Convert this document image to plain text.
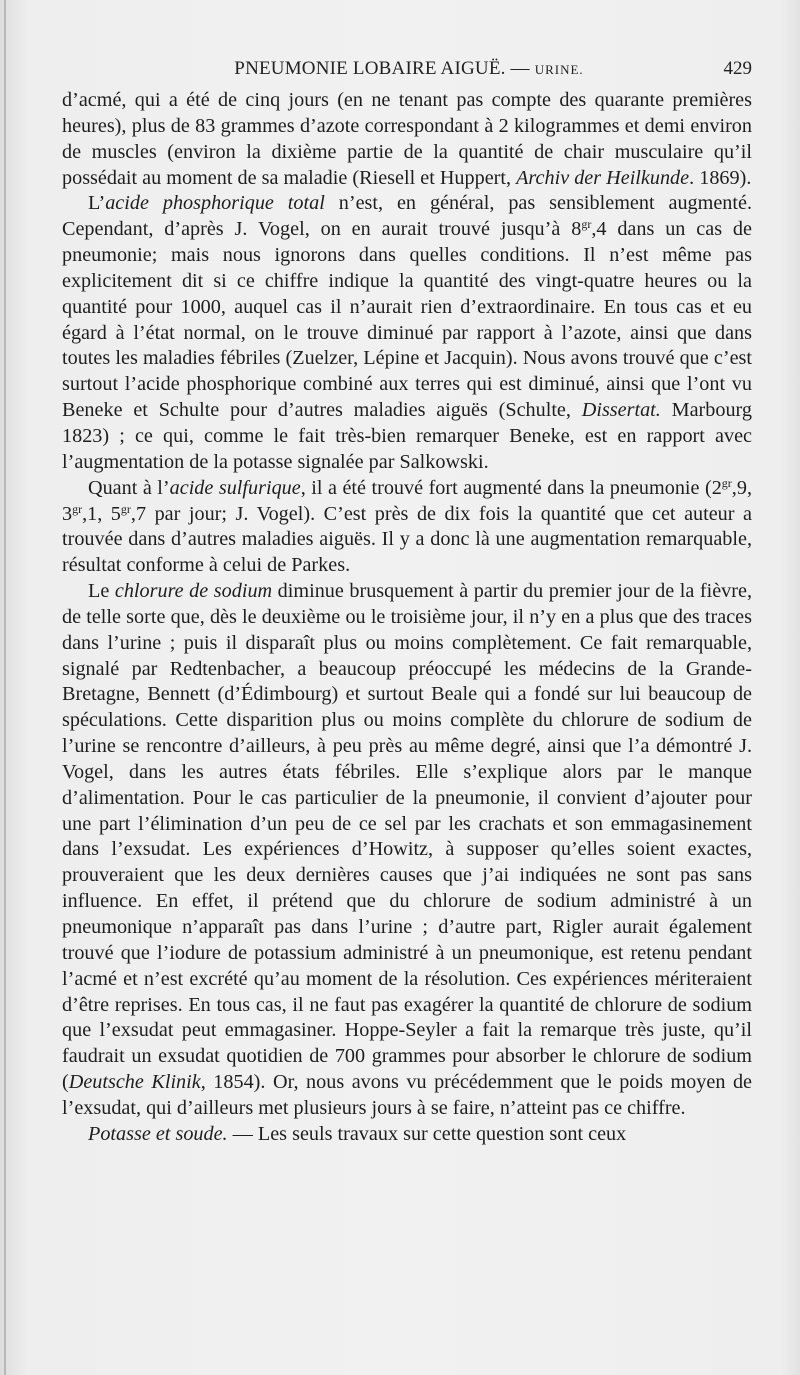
PNEUMONIE LOBAIRE AIGUË. — URINE.	429

d’acmé, qui a été de cinq jours (en ne tenant pas compte des quarante premières heures), plus de 83 grammes d’azote correspondant à 2 kilogrammes et demi environ de muscles (environ la dixième partie de la quantité de chair musculaire qu’il possédait au moment de sa maladie (Riesell et Huppert, Archiv der Heilkunde. 1869).

L’acide phosphorique total n’est, en général, pas sensiblement augmenté. Cependant, d’après J. Vogel, on en aurait trouvé jusqu’à $8^{gr},4$ dans un cas de pneumonie; mais nous ignorons dans quelles conditions. Il n’est même pas explicitement dit si ce chiffre indique la quantité des vingt-quatre heures ou la quantité pour 1000, auquel cas il n’aurait rien d’extraordinaire. En tous cas et eu égard à l’état normal, on le trouve diminué par rapport à l’azote, ainsi que dans toutes les maladies fébriles (Zuelzer, Lépine et Jacquin). Nous avons trouvé que c’est surtout l’acide phosphorique combiné aux terres qui est diminué, ainsi que l’ont vu Beneke et Schulte pour d’autres maladies aiguës (Schulte, Dissertat. Marbourg 1823) ; ce qui, comme le fait très-bien remarquer Beneke, est en rapport avec l’augmentation de la potasse signalée par Salkowski.

Quant à l’acide sulfurique, il a été trouvé fort augmenté dans la pneumonie ($2^{gr},9$, $3^{gr},1$, $5^{gr},7$ par jour; J. Vogel). C’est près de dix fois la quantité que cet auteur a trouvée dans d’autres maladies aiguës. Il y a donc là une augmentation remarquable, résultat conforme à celui de Parkes.

Le chlorure de sodium diminue brusquement à partir du premier jour de la fièvre, de telle sorte que, dès le deuxième ou le troisième jour, il n’y en a plus que des traces dans l’urine ; puis il disparaît plus ou moins complètement. Ce fait remarquable, signalé par Redtenbacher, a beaucoup préoccupé les médecins de la Grande-Bretagne, Bennett (d’Édimbourg) et surtout Beale qui a fondé sur lui beaucoup de spéculations. Cette disparition plus ou moins complète du chlorure de sodium de l’urine se rencontre d’ailleurs, à peu près au même degré, ainsi que l’a démontré J. Vogel, dans les autres états fébriles. Elle s’explique alors par le manque d’alimentation. Pour le cas particulier de la pneumonie, il convient d’ajouter pour une part l’élimination d’un peu de ce sel par les crachats et son emmagasinement dans l’exsudat. Les expériences d’Howitz, à supposer qu’elles soient exactes, prouveraient que les deux dernières causes que j’ai indiquées ne sont pas sans influence. En effet, il prétend que du chlorure de sodium administré à un pneumonique n’apparaît pas dans l’urine ; d’autre part, Rigler aurait également trouvé que l’iodure de potassium administré à un pneumonique, est retenu pendant l’acmé et n’est excrété qu’au moment de la résolution. Ces expériences mériteraient d’être reprises. En tous cas, il ne faut pas exagérer la quantité de chlorure de sodium que l’exsudat peut emmagasiner. Hoppe-Seyler a fait la remarque très juste, qu’il faudrait un exsudat quotidien de 700 grammes pour absorber le chlorure de sodium (Deutsche Klinik, 1854). Or, nous avons vu précédemment que le poids moyen de l’exsudat, qui d’ailleurs met plusieurs jours à se faire, n’atteint pas ce chiffre.

Potasse et soude. — Les seuls travaux sur cette question sont ceux
